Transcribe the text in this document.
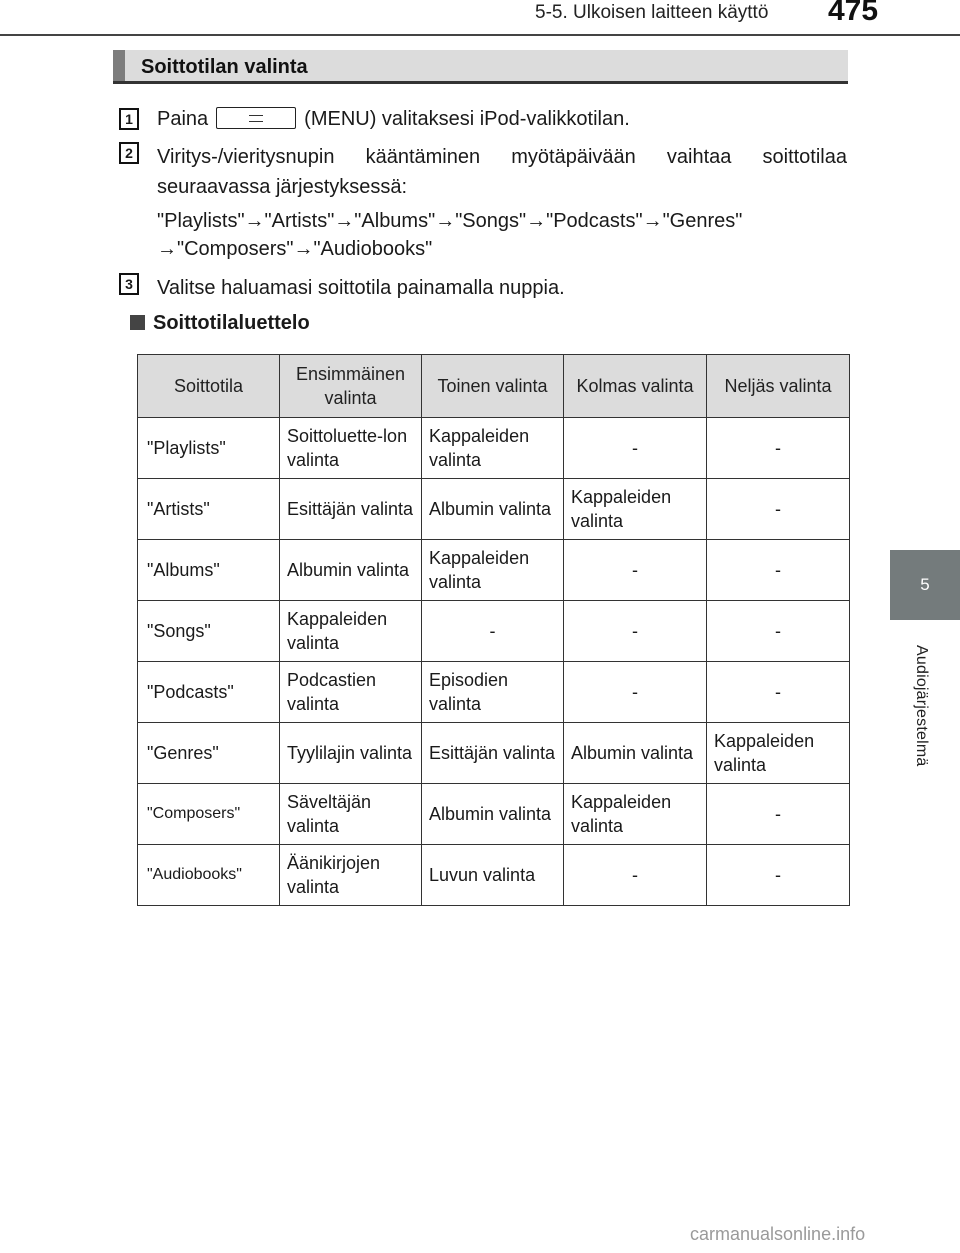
5-5. Ulkoisen laitteen käyttö 475
5
Audiojärjestelmä
Soittotilan valinta
1	Paina	(MENU) valitaksesi iPod-valikkotilan.
2	Viritys-/vieritysnupin kääntäminen myötäpäivään vaihtaa soittotilaa
seuraavassa järjestyksessä:
"Playlists"→"Artists"→"Albums"→"Songs"→"Podcasts"→"Genres"
→"Composers"→"Audiobooks"
3	Valitse haluamasi soittotila painamalla nuppia.
Soittotilaluettelo
Soittotila	Ensimmäinen valinta	Toinen valinta	Kolmas valinta	Neljäs valinta
"Playlists"	Soittoluette-lon valinta	Kappaleiden valinta	-	-
"Artists"	Esittäjän valinta	Albumin valinta	Kappaleiden valinta	-
"Albums"	Albumin valinta	Kappaleiden valinta	-	-
"Songs"	Kappaleiden valinta	-	-	-
"Podcasts"	Podcastien valinta	Episodien valinta	-	-
"Genres"	Tyylilajin valinta	Esittäjän valinta	Albumin valinta	Kappaleiden valinta
"Composers"	Säveltäjän valinta	Albumin valinta	Kappaleiden valinta	-
"Audiobooks"	Äänikirjojen valinta	Luvun valinta	-	-
carmanualsonline.info
